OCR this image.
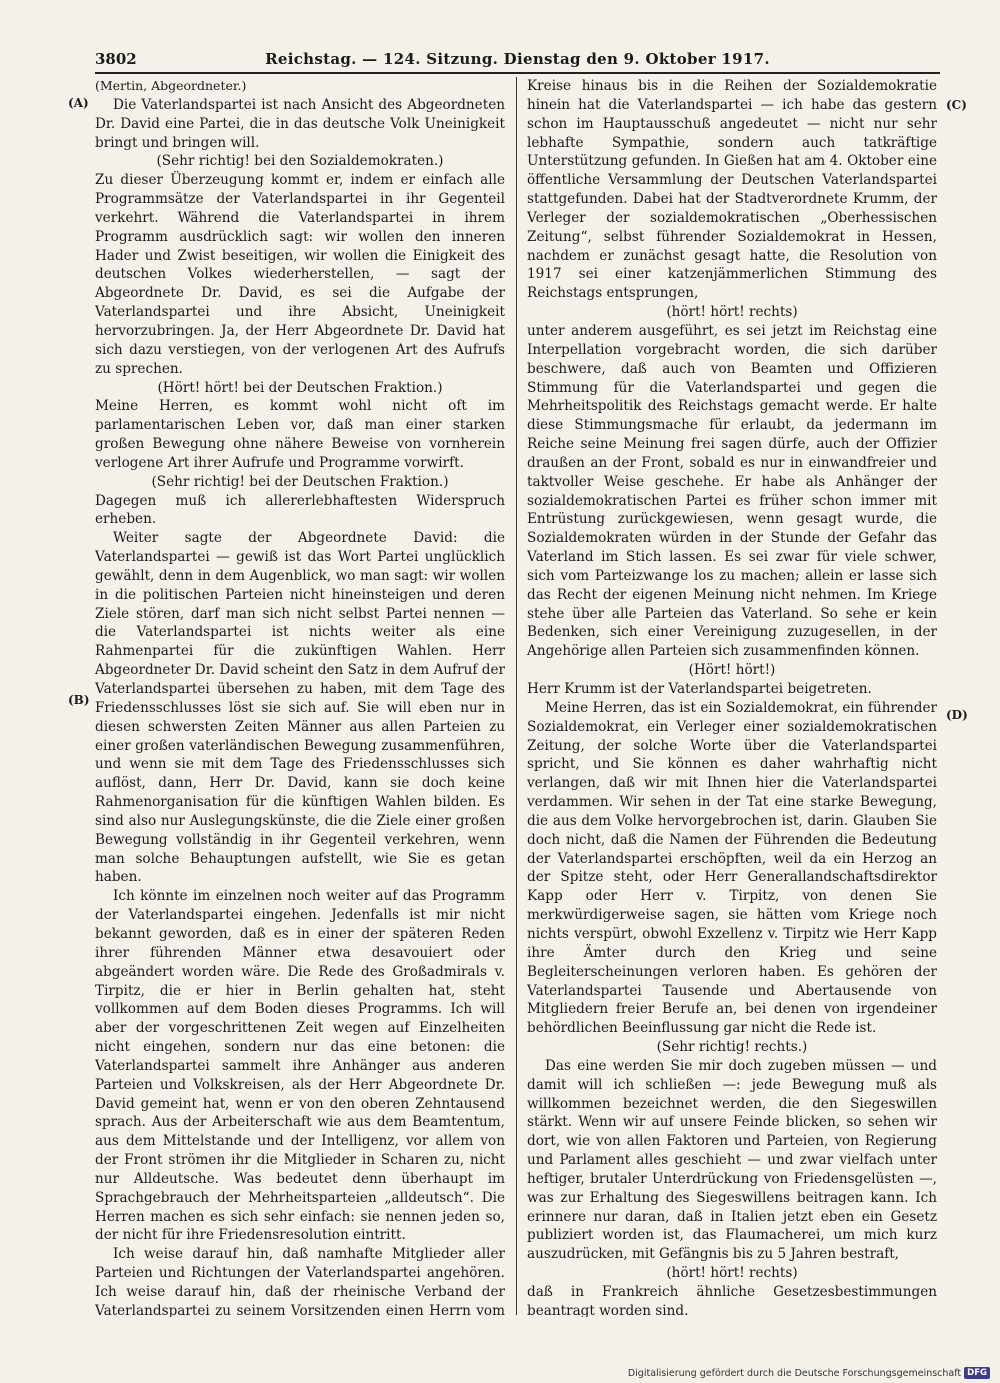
3802	Reichstag. — 124. Sitzung. Dienstag den 9. Oktober 1917.
(A)
(B)
(C)
(D)

(Mertin, Abgeordneter.)

Die Vaterlandspartei ist nach Ansicht des Abgeordneten Dr. David eine Partei, die in das deutsche Volk Uneinigkeit bringt und bringen will.

(Sehr richtig! bei den Sozialdemokraten.)

Zu dieser Überzeugung kommt er, indem er einfach alle Programmsätze der Vaterlandspartei in ihr Gegenteil verkehrt. Während die Vaterlandspartei in ihrem Programm ausdrücklich sagt: wir wollen den inneren Hader und Zwist beseitigen, wir wollen die Einigkeit des deutschen Volkes wiederherstellen, — sagt der Abgeordnete Dr. David, es sei die Aufgabe der Vaterlandspartei und ihre Absicht, Uneinigkeit hervorzubringen. Ja, der Herr Abgeordnete Dr. David hat sich dazu verstiegen, von der verlogenen Art des Aufrufs zu sprechen.

(Hört! hört! bei der Deutschen Fraktion.)

Meine Herren, es kommt wohl nicht oft im parlamentarischen Leben vor, daß man einer starken großen Bewegung ohne nähere Beweise von vornherein verlogene Art ihrer Aufrufe und Programme vorwirft.

(Sehr richtig! bei der Deutschen Fraktion.)

Dagegen muß ich allererlebhaftesten Widerspruch erheben.

Weiter sagte der Abgeordnete David: die Vaterlandspartei — gewiß ist das Wort Partei unglücklich gewählt, denn in dem Augenblick, wo man sagt: wir wollen in die politischen Parteien nicht hineinsteigen und deren Ziele stören, darf man sich nicht selbst Partei nennen — die Vaterlandspartei ist nichts weiter als eine Rahmenpartei für die zukünftigen Wahlen. Herr Abgeordneter Dr. David scheint den Satz in dem Aufruf der Vaterlandspartei übersehen zu haben, mit dem Tage des Friedensschlusses löst sie sich auf. Sie will eben nur in diesen schwersten Zeiten Männer aus allen Parteien zu einer großen vaterländischen Bewegung zusammenführen, und wenn sie mit dem Tage des Friedensschlusses sich auflöst, dann, Herr Dr. David, kann sie doch keine Rahmenorganisation für die künftigen Wahlen bilden. Es sind also nur Auslegungskünste, die die Ziele einer großen Bewegung vollständig in ihr Gegenteil verkehren, wenn man solche Behauptungen aufstellt, wie Sie es getan haben.

Ich könnte im einzelnen noch weiter auf das Programm der Vaterlandspartei eingehen. Jedenfalls ist mir nicht bekannt geworden, daß es in einer der späteren Reden ihrer führenden Männer etwa desavouiert oder abgeändert worden wäre. Die Rede des Großadmirals v. Tirpitz, die er hier in Berlin gehalten hat, steht vollkommen auf dem Boden dieses Programms. Ich will aber der vorgeschrittenen Zeit wegen auf Einzelheiten nicht eingehen, sondern nur das eine betonen: die Vaterlandspartei sammelt ihre Anhänger aus anderen Parteien und Volkskreisen, als der Herr Abgeordnete Dr. David gemeint hat, wenn er von den oberen Zehntausend sprach. Aus der Arbeiterschaft wie aus dem Beamtentum, aus dem Mittelstande und der Intelligenz, vor allem von der Front strömen ihr die Mitglieder in Scharen zu, nicht nur Alldeutsche. Was bedeutet denn überhaupt im Sprachgebrauch der Mehrheitsparteien „alldeutsch“. Die Herren machen es sich sehr einfach: sie nennen jeden so, der nicht für ihre Friedensresolution eintritt.

Ich weise darauf hin, daß namhafte Mitglieder aller Parteien und Richtungen der Vaterlandspartei angehören. Ich weise darauf hin, daß der rheinische Verband der Vaterlandspartei zu seinem Vorsitzenden einen Herrn vom

Kreise hinaus bis in die Reihen der Sozialdemokratie hinein hat die Vaterlandspartei — ich habe das gestern schon im Hauptausschuß angedeutet — nicht nur sehr lebhafte Sympathie, sondern auch tatkräftige Unterstützung gefunden. In Gießen hat am 4. Oktober eine öffentliche Versammlung der Deutschen Vaterlandspartei stattgefunden. Dabei hat der Stadtverordnete Krumm, der Verleger der sozialdemokratischen „Oberhessischen Zeitung“, selbst führender Sozialdemokrat in Hessen, nachdem er zunächst gesagt hatte, die Resolution von 1917 sei einer katzenjämmerlichen Stimmung des Reichstags entsprungen,

(hört! hört! rechts)

unter anderem ausgeführt, es sei jetzt im Reichstag eine Interpellation vorgebracht worden, die sich darüber beschwere, daß auch von Beamten und Offizieren Stimmung für die Vaterlandspartei und gegen die Mehrheitspolitik des Reichstags gemacht werde. Er halte diese Stimmungsmache für erlaubt, da jedermann im Reiche seine Meinung frei sagen dürfe, auch der Offizier draußen an der Front, sobald es nur in einwandfreier und taktvoller Weise geschehe. Er habe als Anhänger der sozialdemokratischen Partei es früher schon immer mit Entrüstung zurückgewiesen, wenn gesagt wurde, die Sozialdemokraten würden in der Stunde der Gefahr das Vaterland im Stich lassen. Es sei zwar für viele schwer, sich vom Parteizwange los zu machen; allein er lasse sich das Recht der eigenen Meinung nicht nehmen. Im Kriege stehe über alle Parteien das Vaterland. So sehe er kein Bedenken, sich einer Vereinigung zuzugesellen, in der Angehörige allen Parteien sich zusammenfinden können.

(Hört! hört!)

Herr Krumm ist der Vaterlandspartei beigetreten.

Meine Herren, das ist ein Sozialdemokrat, ein führender Sozialdemokrat, ein Verleger einer sozialdemokratischen Zeitung, der solche Worte über die Vaterlandspartei spricht, und Sie können es daher wahrhaftig nicht verlangen, daß wir mit Ihnen hier die Vaterlandspartei verdammen. Wir sehen in der Tat eine starke Bewegung, die aus dem Volke hervorgebrochen ist, darin. Glauben Sie doch nicht, daß die Namen der Führenden die Bedeutung der Vaterlandspartei erschöpften, weil da ein Herzog an der Spitze steht, oder Herr Generallandschaftsdirektor Kapp oder Herr v. Tirpitz, von denen Sie merkwürdigerweise sagen, sie hätten vom Kriege noch nichts verspürt, obwohl Exzellenz v. Tirpitz wie Herr Kapp ihre Ämter durch den Krieg und seine Begleiterscheinungen verloren haben. Es gehören der Vaterlandspartei Tausende und Abertausende von Mitgliedern freier Berufe an, bei denen von irgendeiner behördlichen Beeinflussung gar nicht die Rede ist.

(Sehr richtig! rechts.)

Das eine werden Sie mir doch zugeben müssen — und damit will ich schließen —: jede Bewegung muß als willkommen bezeichnet werden, die den Siegeswillen stärkt. Wenn wir auf unsere Feinde blicken, so sehen wir dort, wie von allen Faktoren und Parteien, von Regierung und Parlament alles geschieht — und zwar vielfach unter heftiger, brutaler Unterdrückung von Friedensgelüsten —, was zur Erhaltung des Siegeswillens beitragen kann. Ich erinnere nur daran, daß in Italien jetzt eben ein Gesetz publiziert worden ist, das Flaumacherei, um mich kurz auszudrücken, mit Gefängnis bis zu 5 Jahren bestraft,

(hört! hört! rechts)

daß in Frankreich ähnliche Gesetzesbestimmungen beantragt worden sind.

Digitalisierung gefördert durch die Deutsche Forschungsgemeinschaft DFG
